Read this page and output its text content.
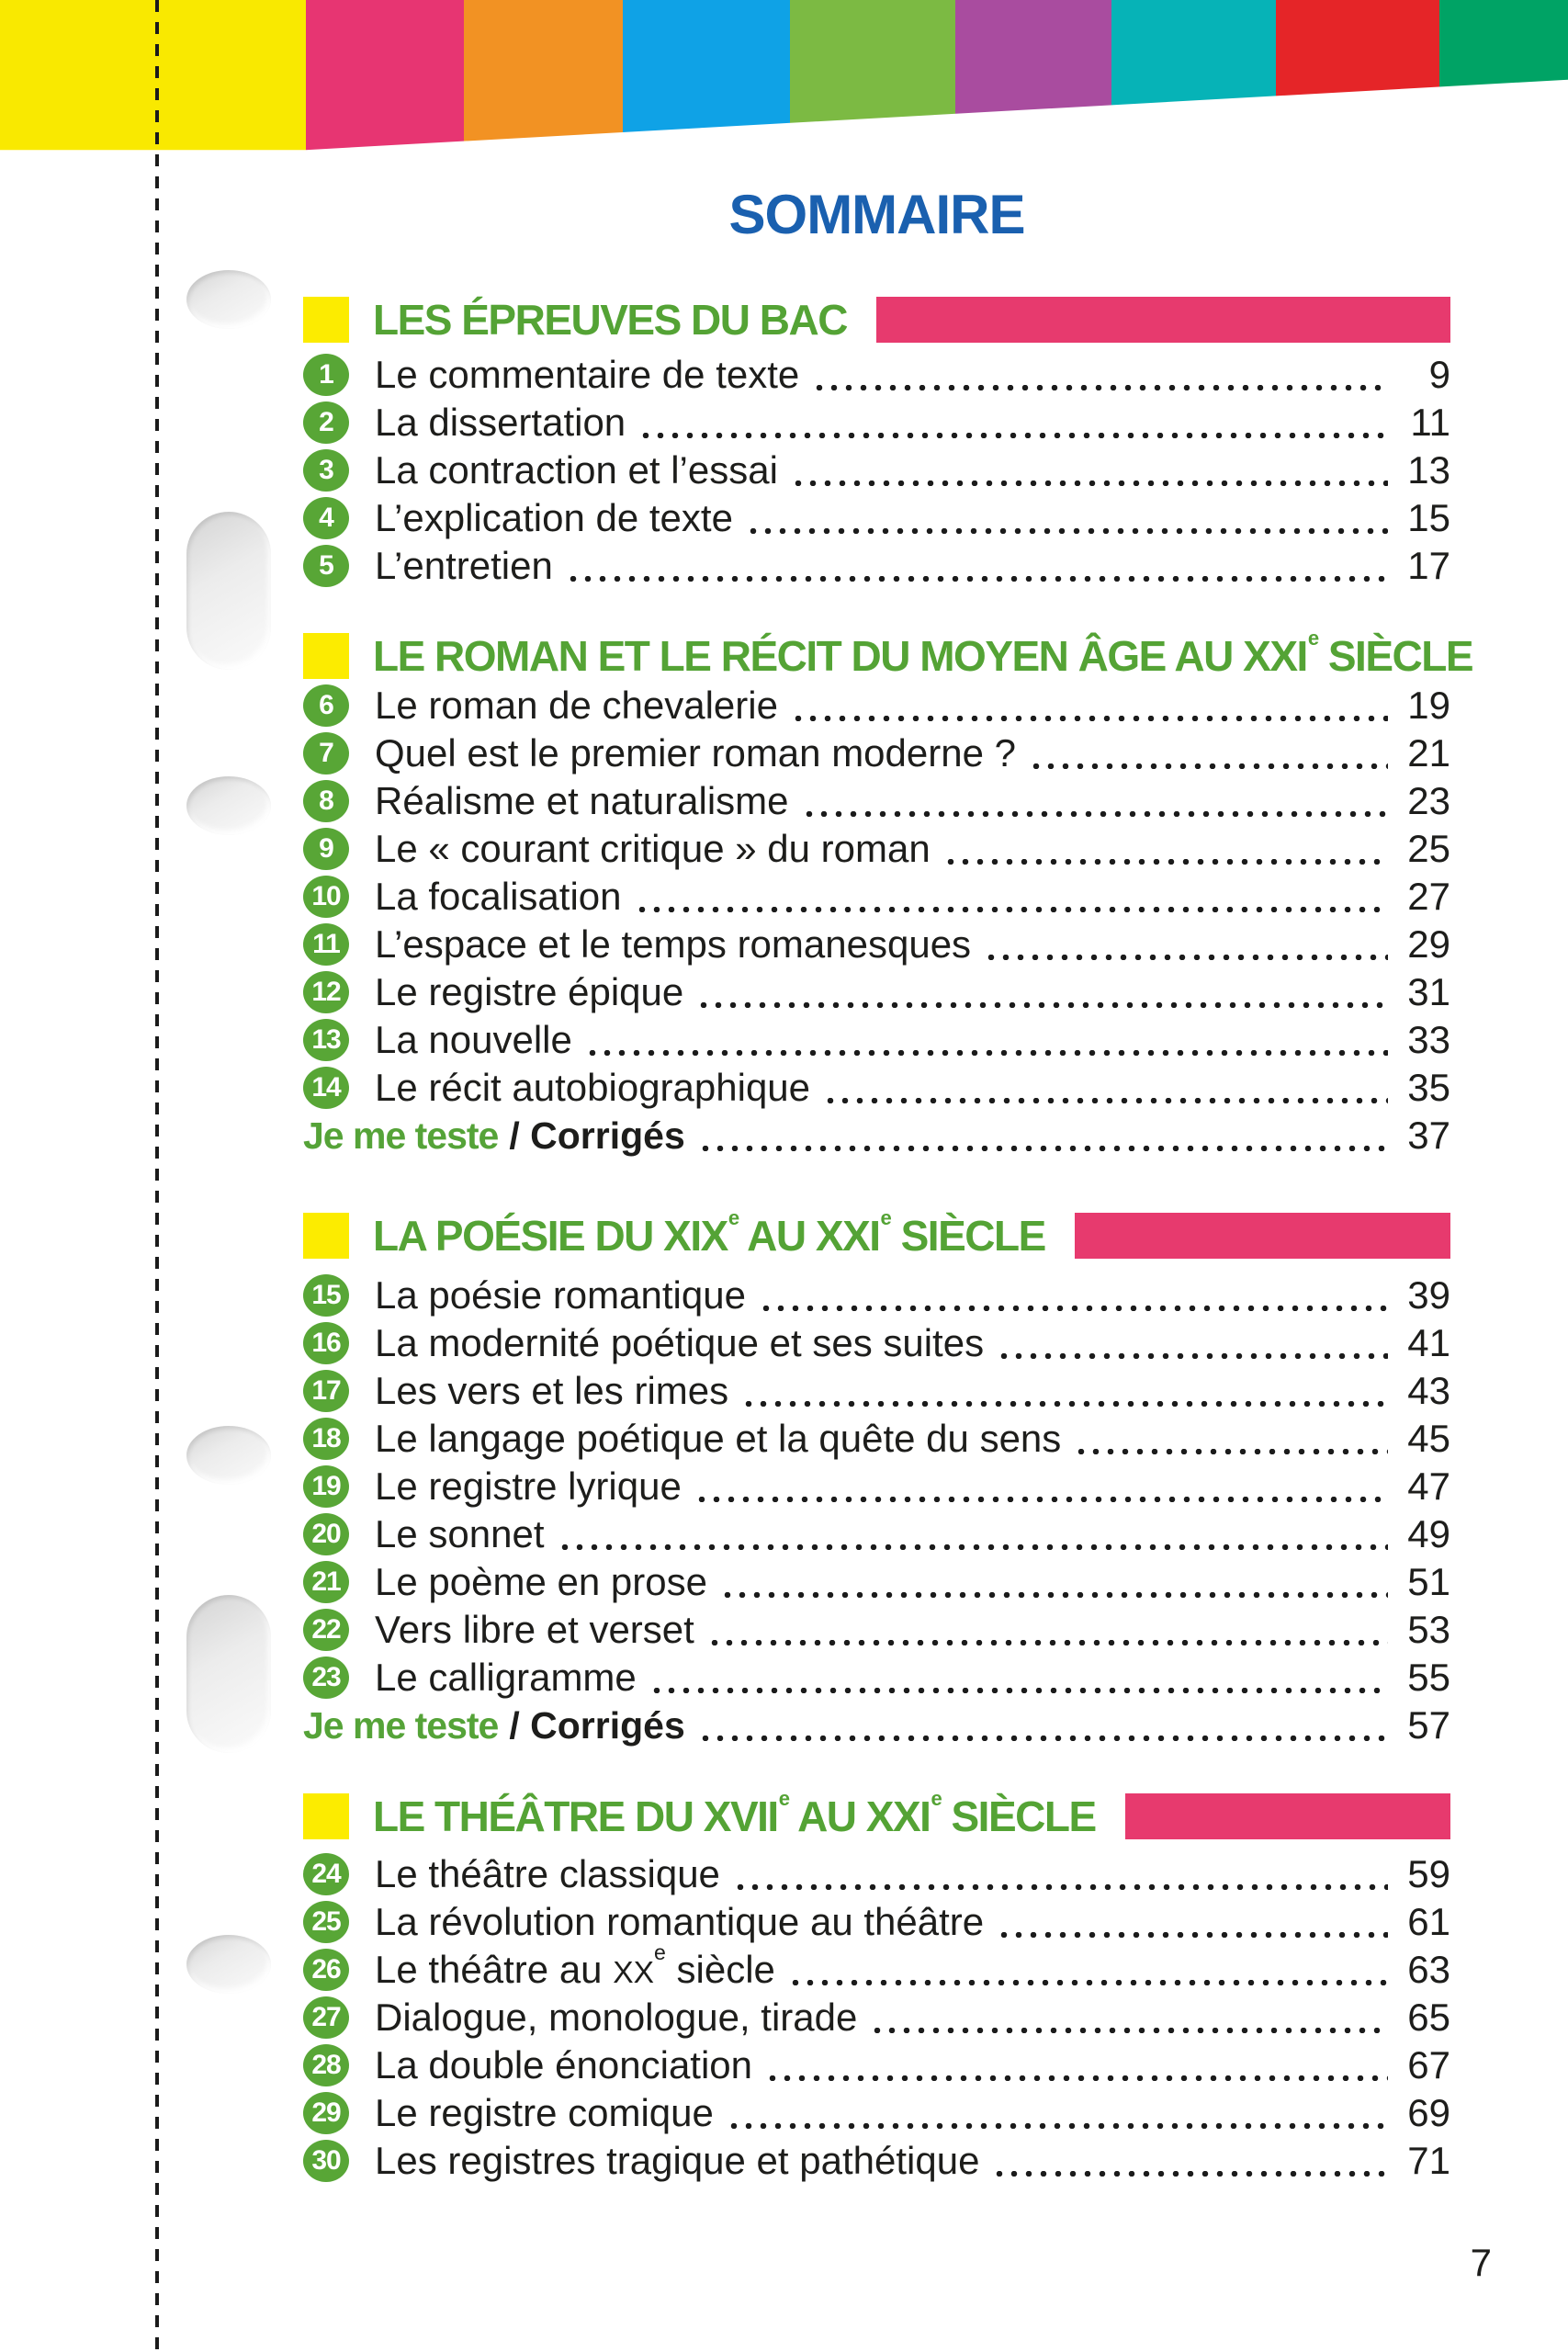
SOMMAIRE
LES ÉPREUVES DU BAC
1	Le commentaire de texte	9
2	La dissertation	11
3	La contraction et l’essai	13
4	L’explication de texte	15
5	L’entretien	17
LE ROMAN ET LE RÉCIT DU MOYEN ÂGE AU XXIe SIÈCLE
6	Le roman de chevalerie	19
7	Quel est le premier roman moderne ?	21
8	Réalisme et naturalisme	23
9	Le « courant critique » du roman	25
10 La focalisation	27
11 L’espace et le temps romanesques	29
12 Le registre épique	31
13 La nouvelle	33
14 Le récit autobiographique	35
Je me teste / Corrigés	37
LA POÉSIE DU XIXe AU XXIe SIÈCLE
15 La poésie romantique	39
16 La modernité poétique et ses suites	41
17 Les vers et les rimes	43
18 Le langage poétique et la quête du sens	45
19 Le registre lyrique	47
20 Le sonnet	49
21 Le poème en prose	51
22 Vers libre et verset	53
23 Le calligramme	55
Je me teste / Corrigés	57
LE THÉÂTRE DU XVIIe AU XXIe SIÈCLE
24 Le théâtre classique	59
25 La révolution romantique au théâtre	61
26 Le théâtre au XXe siècle	63
27 Dialogue, monologue, tirade	65
28 La double énonciation	67
29 Le registre comique	69
30 Les registres tragique et pathétique	71
7
